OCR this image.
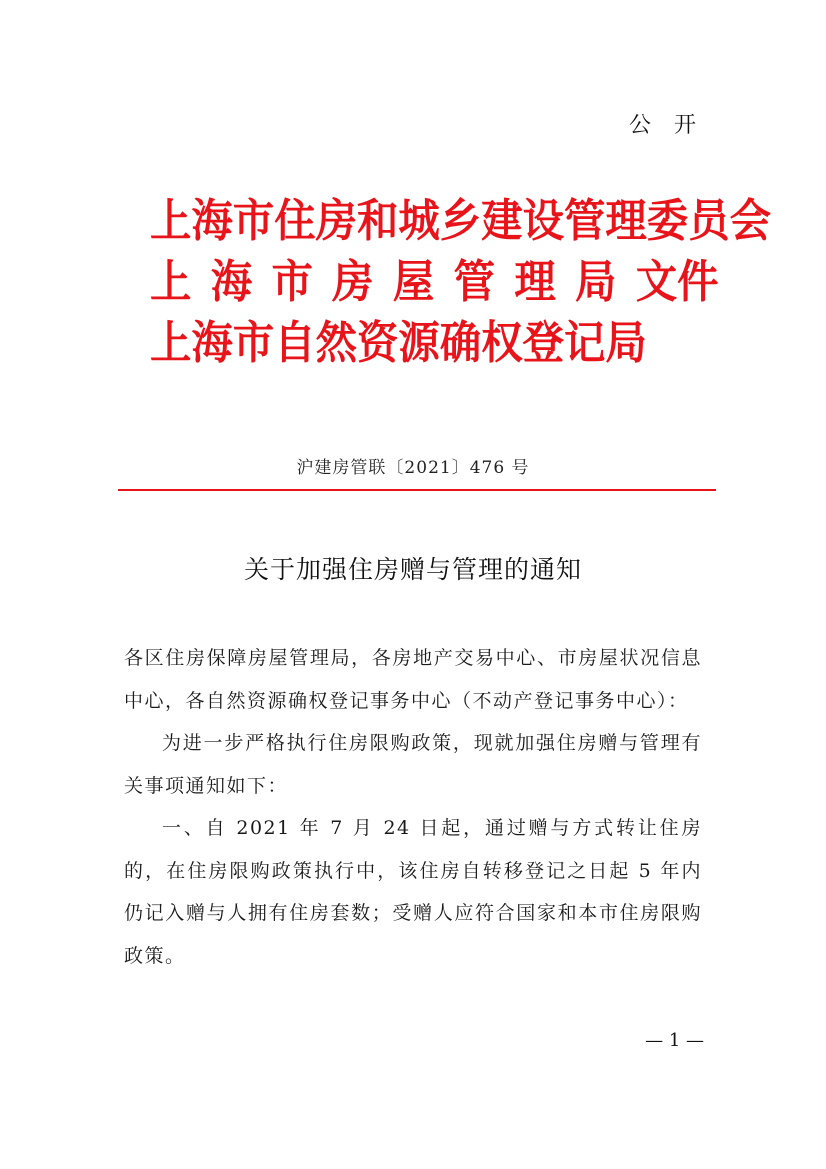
公 开
上海市住房和城乡建设管理委员会
上海市房屋管理局文件
上海市自然资源确权登记局
沪建房管联〔2021〕476 号
关于加强住房赠与管理的通知

各区住房保障房屋管理局，各房地产交易中心、市房屋状况信息中心，各自然资源确权登记事务中心（不动产登记事务中心）：

为进一步严格执行住房限购政策，现就加强住房赠与管理有关事项通知如下：

一、自 2021 年 7 月 24 日起，通过赠与方式转让住房的，在住房限购政策执行中，该住房自转移登记之日起 5 年内仍记入赠与人拥有住房套数；受赠人应符合国家和本市住房限购政策。

— 1 —
